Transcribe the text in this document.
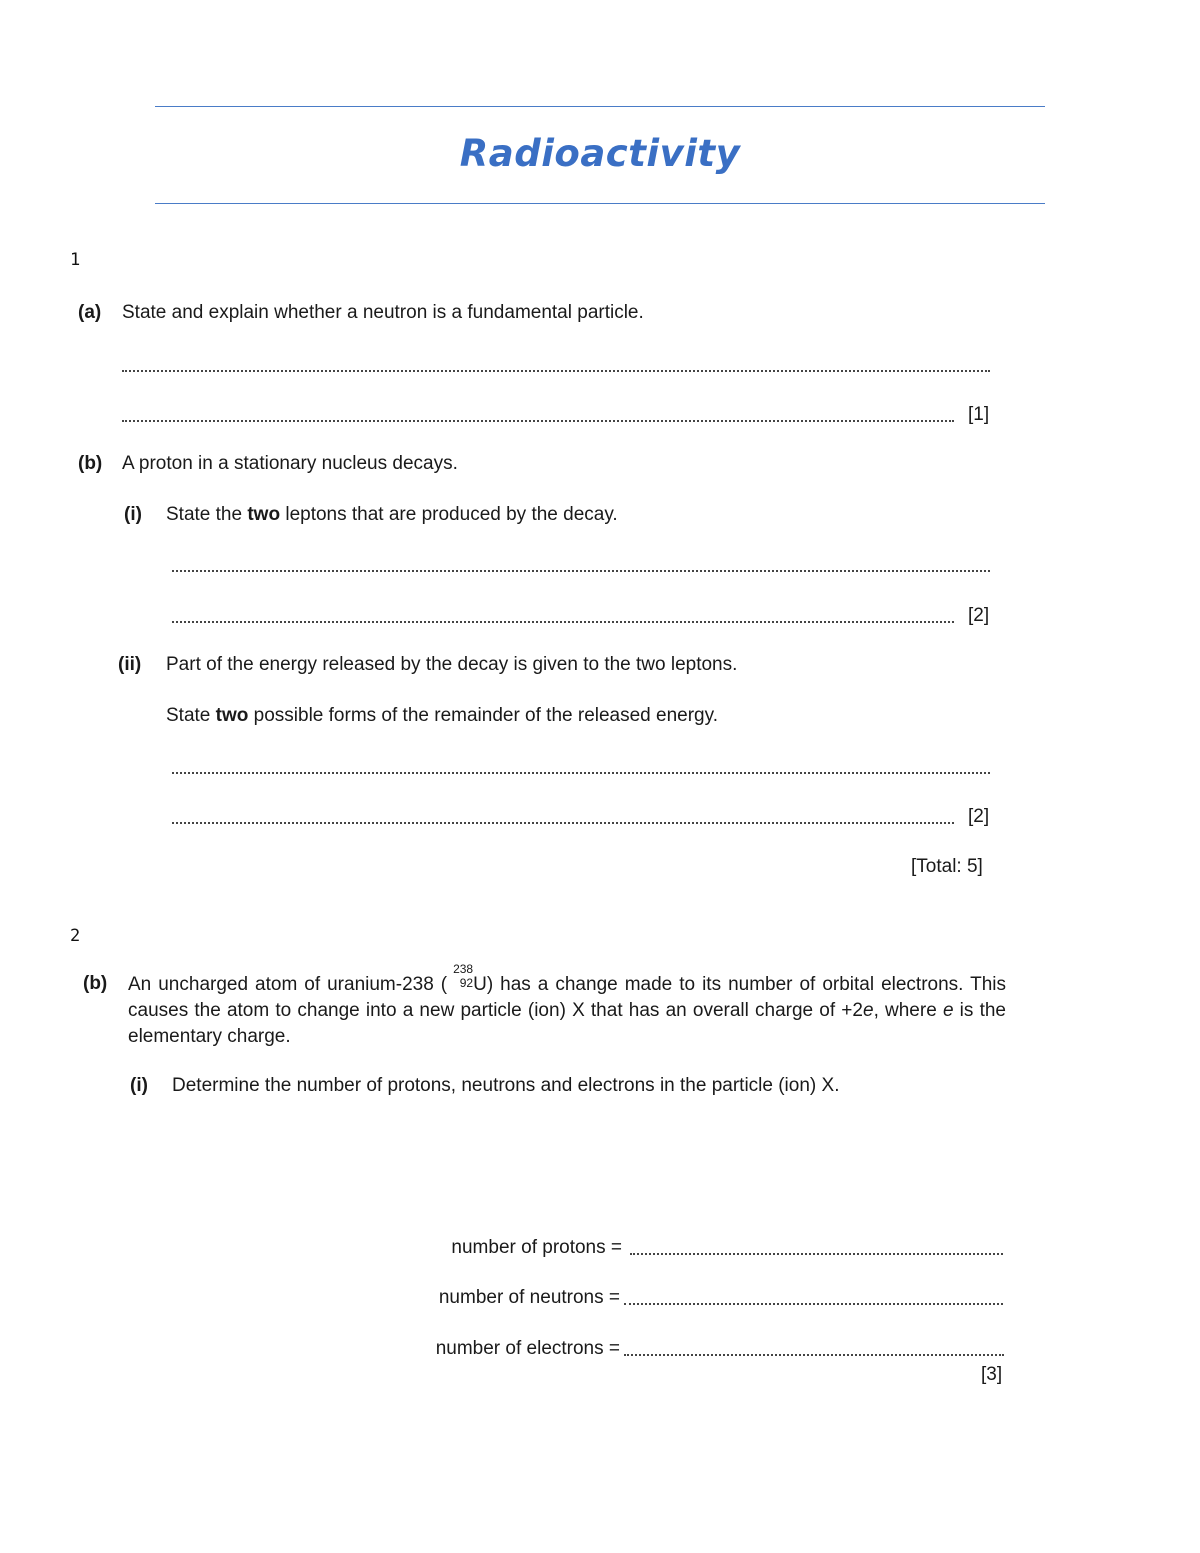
Radioactivity
1
(a) State and explain whether a neutron is a fundamental particle.
[1]
(b) A proton in a stationary nucleus decays.
(i) State the two leptons that are produced by the decay.
[2]
(ii) Part of the energy released by the decay is given to the two leptons.
State two possible forms of the remainder of the released energy.
[2]
[Total: 5]
2
(b) An uncharged atom of uranium-238 (
238
92 U) has a change made to its number of orbital electrons. This causes the atom to change into a new particle (ion) X that has an overall charge of +2e, where e is the elementary charge.
(i) Determine the number of protons, neutrons and electrons in the particle (ion) X.
number of protons =
number of neutrons =
number of electrons =
[3]
